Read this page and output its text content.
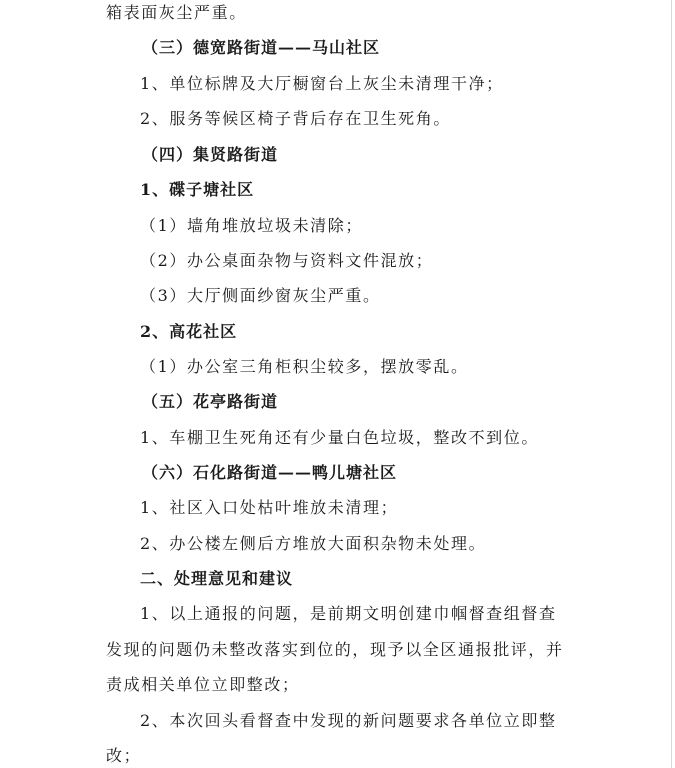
箱表面灰尘严重。
（三）德宽路街道——马山社区
1、单位标牌及大厅橱窗台上灰尘未清理干净；
2、服务等候区椅子背后存在卫生死角。
（四）集贤路街道
1、碟子塘社区
（1）墙角堆放垃圾未清除；
（2）办公桌面杂物与资料文件混放；
（3）大厅侧面纱窗灰尘严重。
2、高花社区
（1）办公室三角柜积尘较多，摆放零乱。
（五）花亭路街道
1、车棚卫生死角还有少量白色垃圾，整改不到位。
（六）石化路街道——鸭儿塘社区
1、社区入口处枯叶堆放未清理；
2、办公楼左侧后方堆放大面积杂物未处理。
二、处理意见和建议
1、以上通报的问题，是前期文明创建巾帼督查组督查
发现的问题仍未整改落实到位的，现予以全区通报批评，并
责成相关单位立即整改；
2、本次回头看督查中发现的新问题要求各单位立即整
改；
